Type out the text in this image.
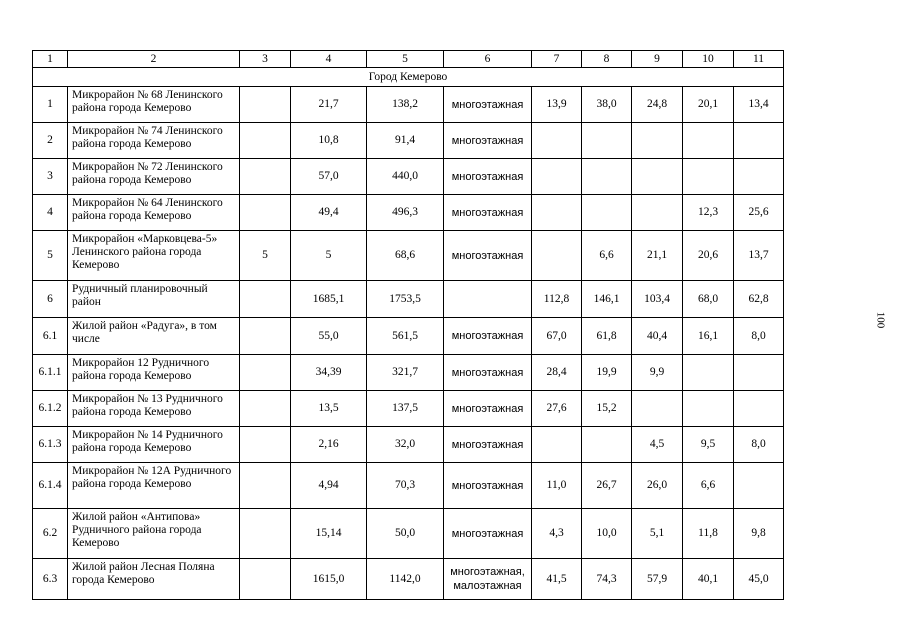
1	2	3	4	5	6	7	8	9	10	11
Город Кемерово										
1	Микрорайон № 68 Ленинского района города Кемерово		21,7	138,2	многоэтажная	13,9	38,0	24,8	20,1	13,4
2	Микрорайон № 74 Ленинского района города Кемерово		10,8	91,4	многоэтажная					
3	Микрорайон № 72 Ленинского района города Кемерово		57,0	440,0	многоэтажная					
4	Микрорайон № 64 Ленинского района города Кемерово		49,4	496,3	многоэтажная				12,3	25,6
5	Микрорайон «Марковцева-5» Ленинского района города Кемерово	5	5	68,6	многоэтажная		6,6	21,1	20,6	13,7
6	Рудничный планировочный район		1685,1	1753,5		112,8	146,1	103,4	68,0	62,8
6.1	Жилой район «Радуга», в том числе		55,0	561,5	многоэтажная	67,0	61,8	40,4	16,1	8,0
6.1.1	Микрорайон 12 Рудничного района города Кемерово		34,39	321,7	многоэтажная	28,4	19,9	9,9		
6.1.2	Микрорайон № 13 Рудничного района города Кемерово		13,5	137,5	многоэтажная	27,6	15,2			
6.1.3	Микрорайон № 14 Рудничного района города Кемерово		2,16	32,0	многоэтажная			4,5	9,5	8,0
6.1.4	Микрорайон № 12А Рудничного района города Кемерово		4,94	70,3	многоэтажная	11,0	26,7	26,0	6,6	
6.2	Жилой район «Антипова» Рудничного района города Кемерово		15,14	50,0	многоэтажная	4,3	10,0	5,1	11,8	9,8
6.3	Жилой район Лесная Поляна города Кемерово		1615,0	1142,0	многоэтажная, малоэтажная	41,5	74,3	57,9	40,1	45,0
100
